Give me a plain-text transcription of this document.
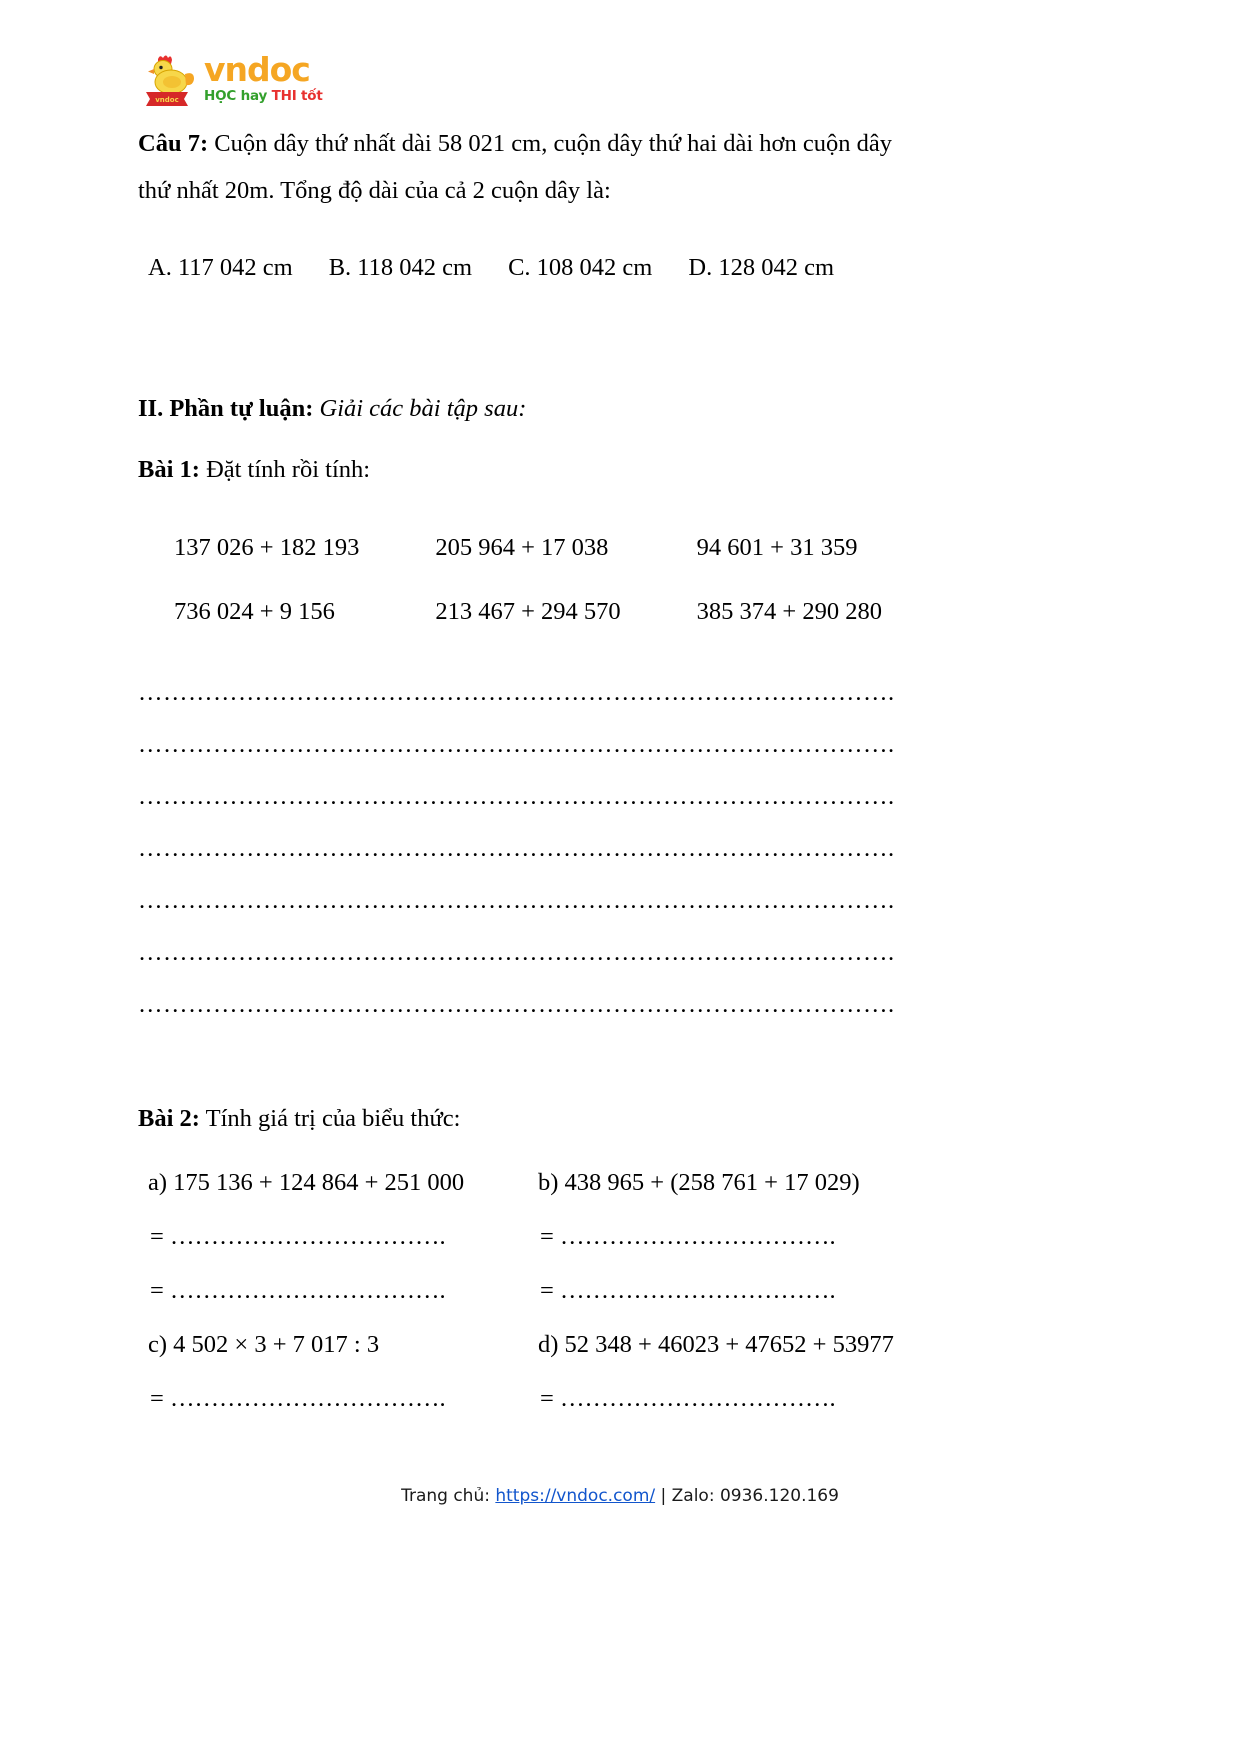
vndoc
vndoc
HỌC hay THI tốt

Câu 7: Cuộn dây thứ nhất dài 58 021 cm, cuộn dây thứ hai dài hơn cuộn dây

thứ nhất 20m. Tổng độ dài của cả 2 cuộn dây là:

A. 117 042 cm B. 118 042 cm C. 108 042 cm D. 128 042 cm

II. Phần tự luận: Giải các bài tập sau:

Bài 1: Đặt tính rồi tính:

137 026 + 182 193	205 964 + 17 038	94 601 + 31 359
736 024 + 9 156	213 467 + 294 570	385 374 + 290 280

……………………………………………………………………………….

……………………………………………………………………………….

……………………………………………………………………………….

……………………………………………………………………………….

……………………………………………………………………………….

……………………………………………………………………………….

……………………………………………………………………………….

Bài 2: Tính giá trị của biểu thức:

a) 175 136 + 124 864 + 251 000	b) 438 965 + (258 761 + 17 029)
= …………………………….	= …………………………….
= …………………………….	= …………………………….
c) 4 502 × 3 + 7 017 : 3	d) 52 348 + 46023 + 47652 + 53977
= …………………………….	= …………………………….
Trang chủ: https://vndoc.com/ | Zalo: 0936.120.169
